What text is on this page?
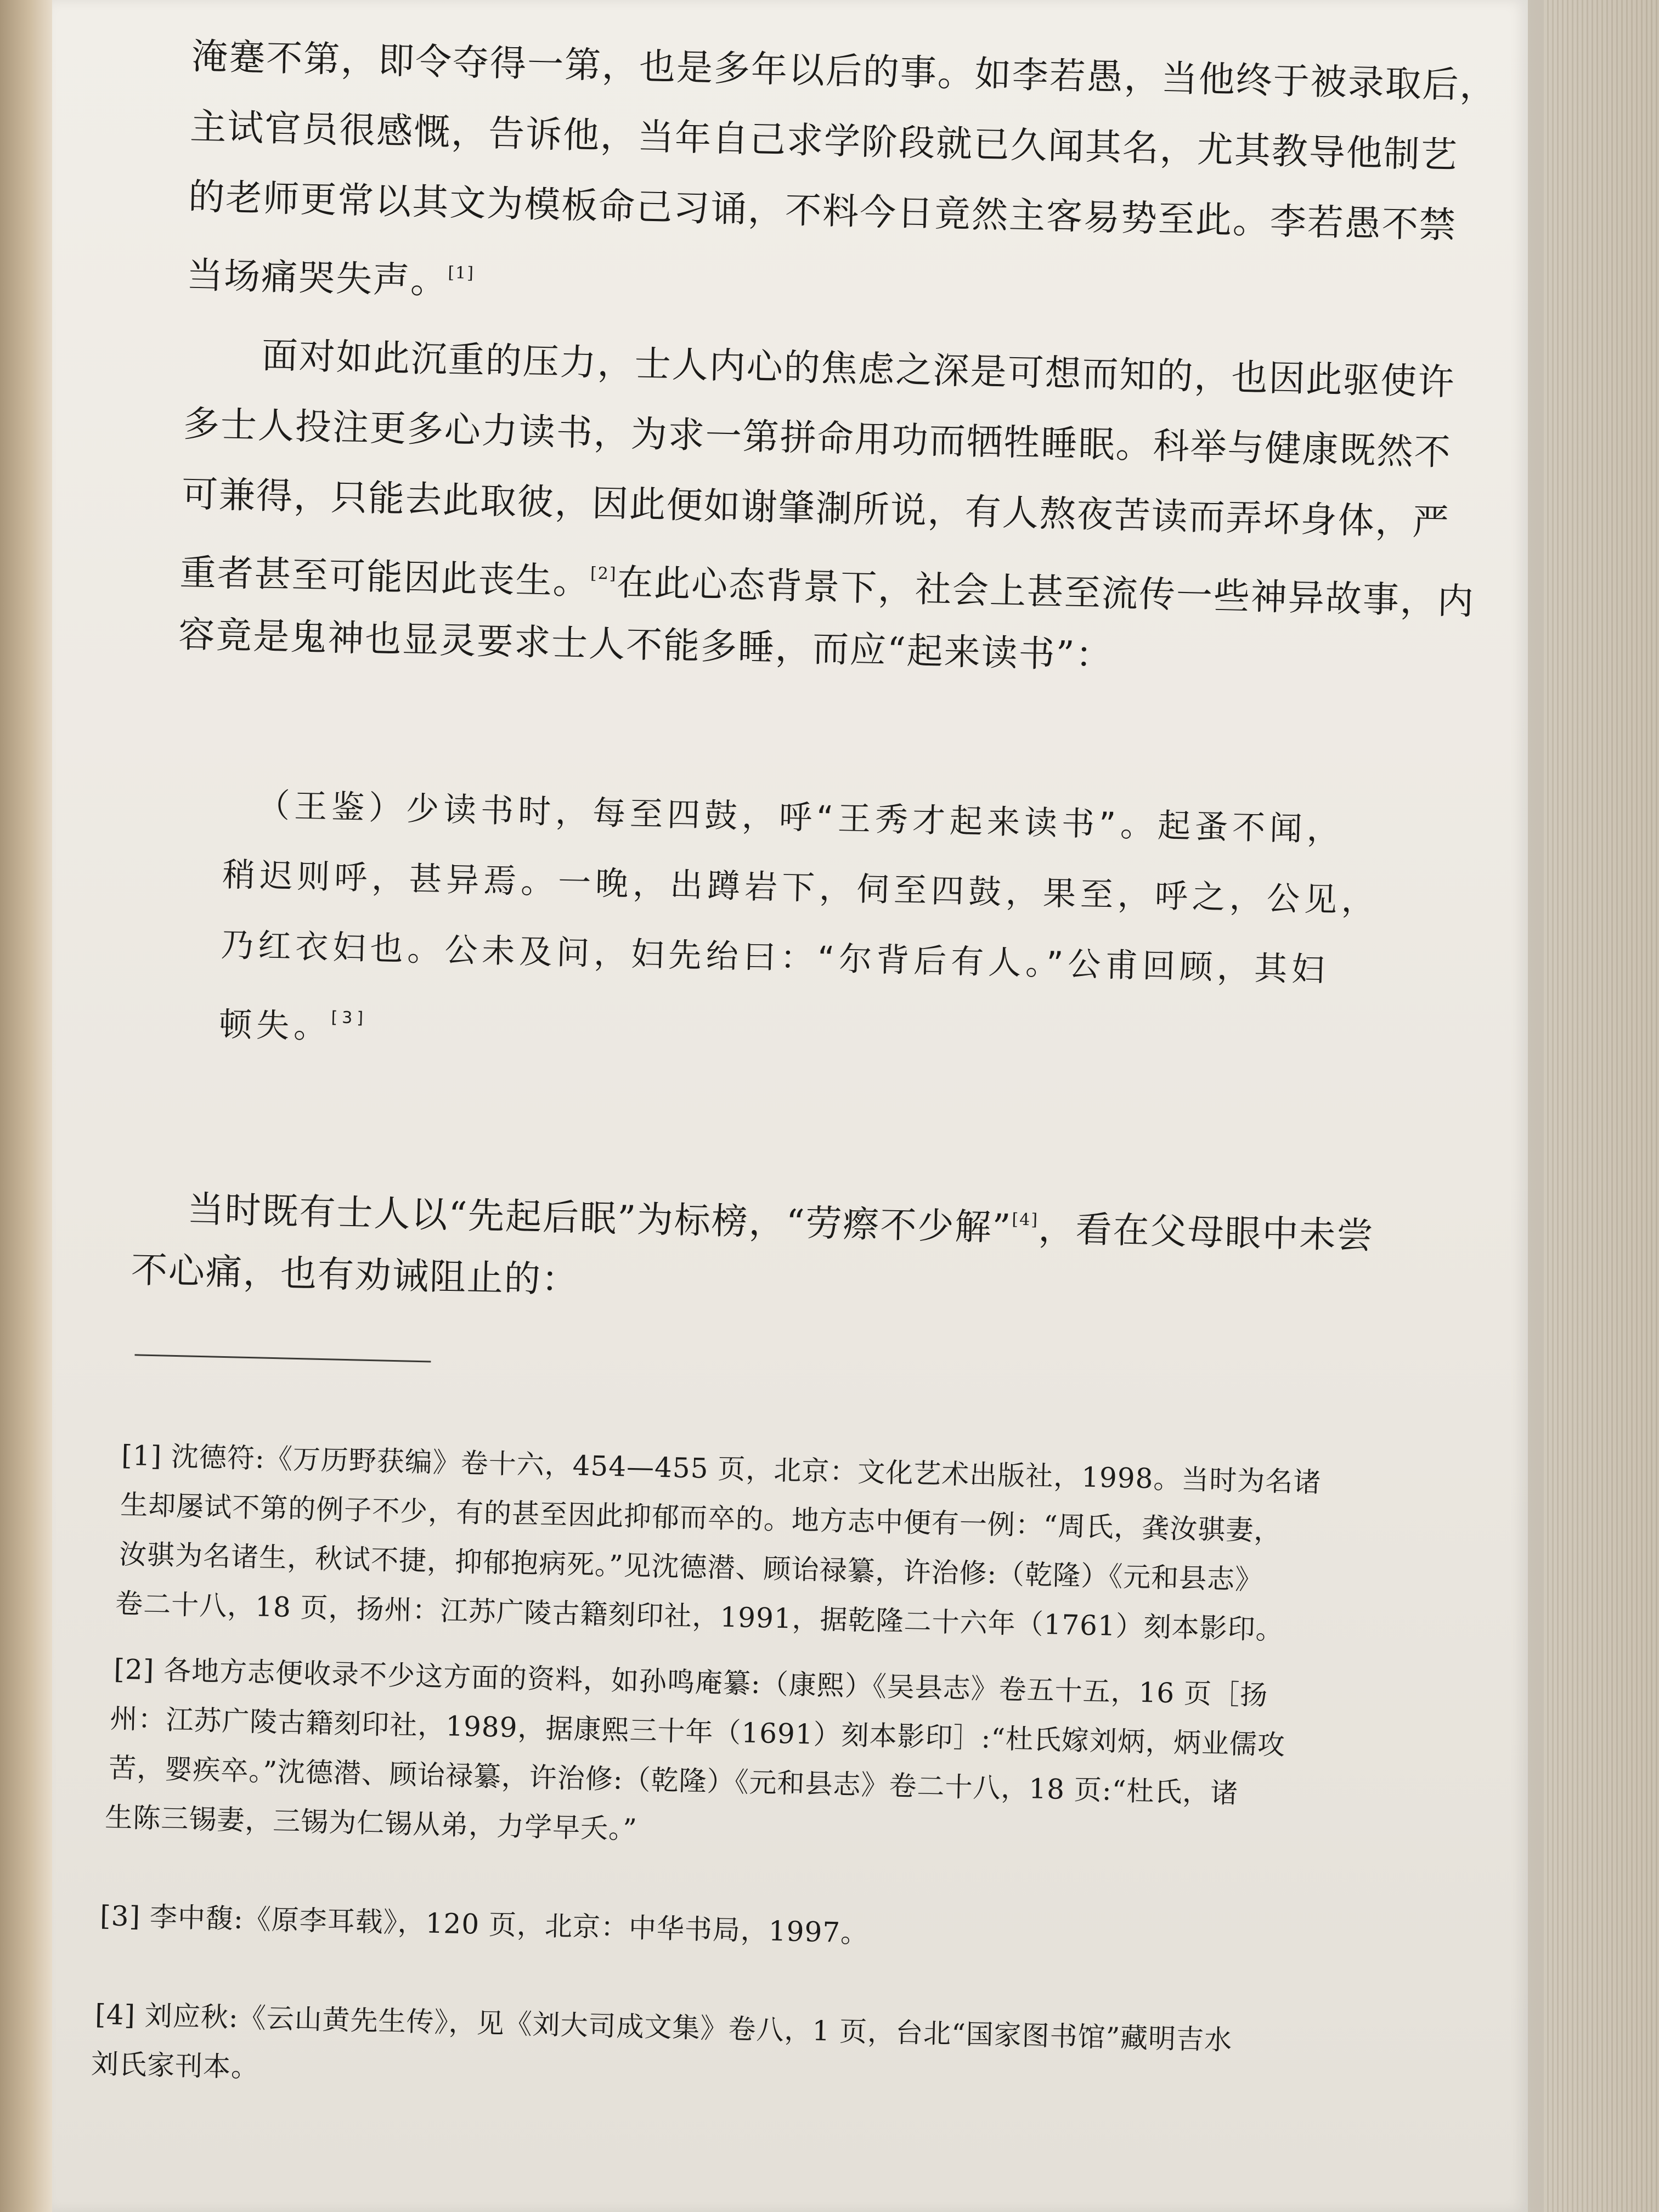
淹蹇不第，即令夺得一第，也是多年以后的事。如李若愚，当他终于被录取后，
主试官员很感慨，告诉他，当年自己求学阶段就已久闻其名，尤其教导他制艺
的老师更常以其文为模板命己习诵，不料今日竟然主客易势至此。李若愚不禁
当场痛哭失声。[1]
面对如此沉重的压力，士人内心的焦虑之深是可想而知的，也因此驱使许
多士人投注更多心力读书，为求一第拼命用功而牺牲睡眠。科举与健康既然不
可兼得，只能去此取彼，因此便如谢肇淛所说，有人熬夜苦读而弄坏身体，严
重者甚至可能因此丧生。[2]在此心态背景下，社会上甚至流传一些神异故事，内
容竟是鬼神也显灵要求士人不能多睡，而应“起来读书”：
（王鉴）少读书时，每至四鼓，呼“王秀才起来读书”。起蚤不闻，
稍迟则呼，甚异焉。一晚，出蹲岩下，伺至四鼓，果至，呼之，公见，
乃红衣妇也。公未及问，妇先绐曰：“尔背后有人。”公甫回顾，其妇
顿失。[3]
当时既有士人以“先起后眠”为标榜，“劳瘵不少解”[4]，看在父母眼中未尝
不心痛，也有劝诫阻止的：
[1] 沈德符:《万历野获编》卷十六，454—455 页，北京：文化艺术出版社，1998。当时为名诸
生却屡试不第的例子不少，有的甚至因此抑郁而卒的。地方志中便有一例：“周氏，龚汝骐妻，
汝骐为名诸生，秋试不捷，抑郁抱病死。”见沈德潜、顾诒禄纂，许治修:（乾隆）《元和县志》
卷二十八，18 页，扬州：江苏广陵古籍刻印社，1991，据乾隆二十六年（1761）刻本影印。
[2] 各地方志便收录不少这方面的资料，如孙鸣庵纂:（康熙）《吴县志》卷五十五，16 页［扬
州：江苏广陵古籍刻印社，1989，据康熙三十年（1691）刻本影印］:“杜氏嫁刘炳，炳业儒攻
苦，婴疾卒。”沈德潜、顾诒禄纂，许治修:（乾隆）《元和县志》卷二十八，18 页:“杜氏，诸
生陈三锡妻，三锡为仁锡从弟，力学早夭。”
[3] 李中馥:《原李耳载》，120 页，北京：中华书局，1997。
[4] 刘应秋:《云山黄先生传》，见《刘大司成文集》卷八，1 页，台北“国家图书馆”藏明吉水
刘氏家刊本。
